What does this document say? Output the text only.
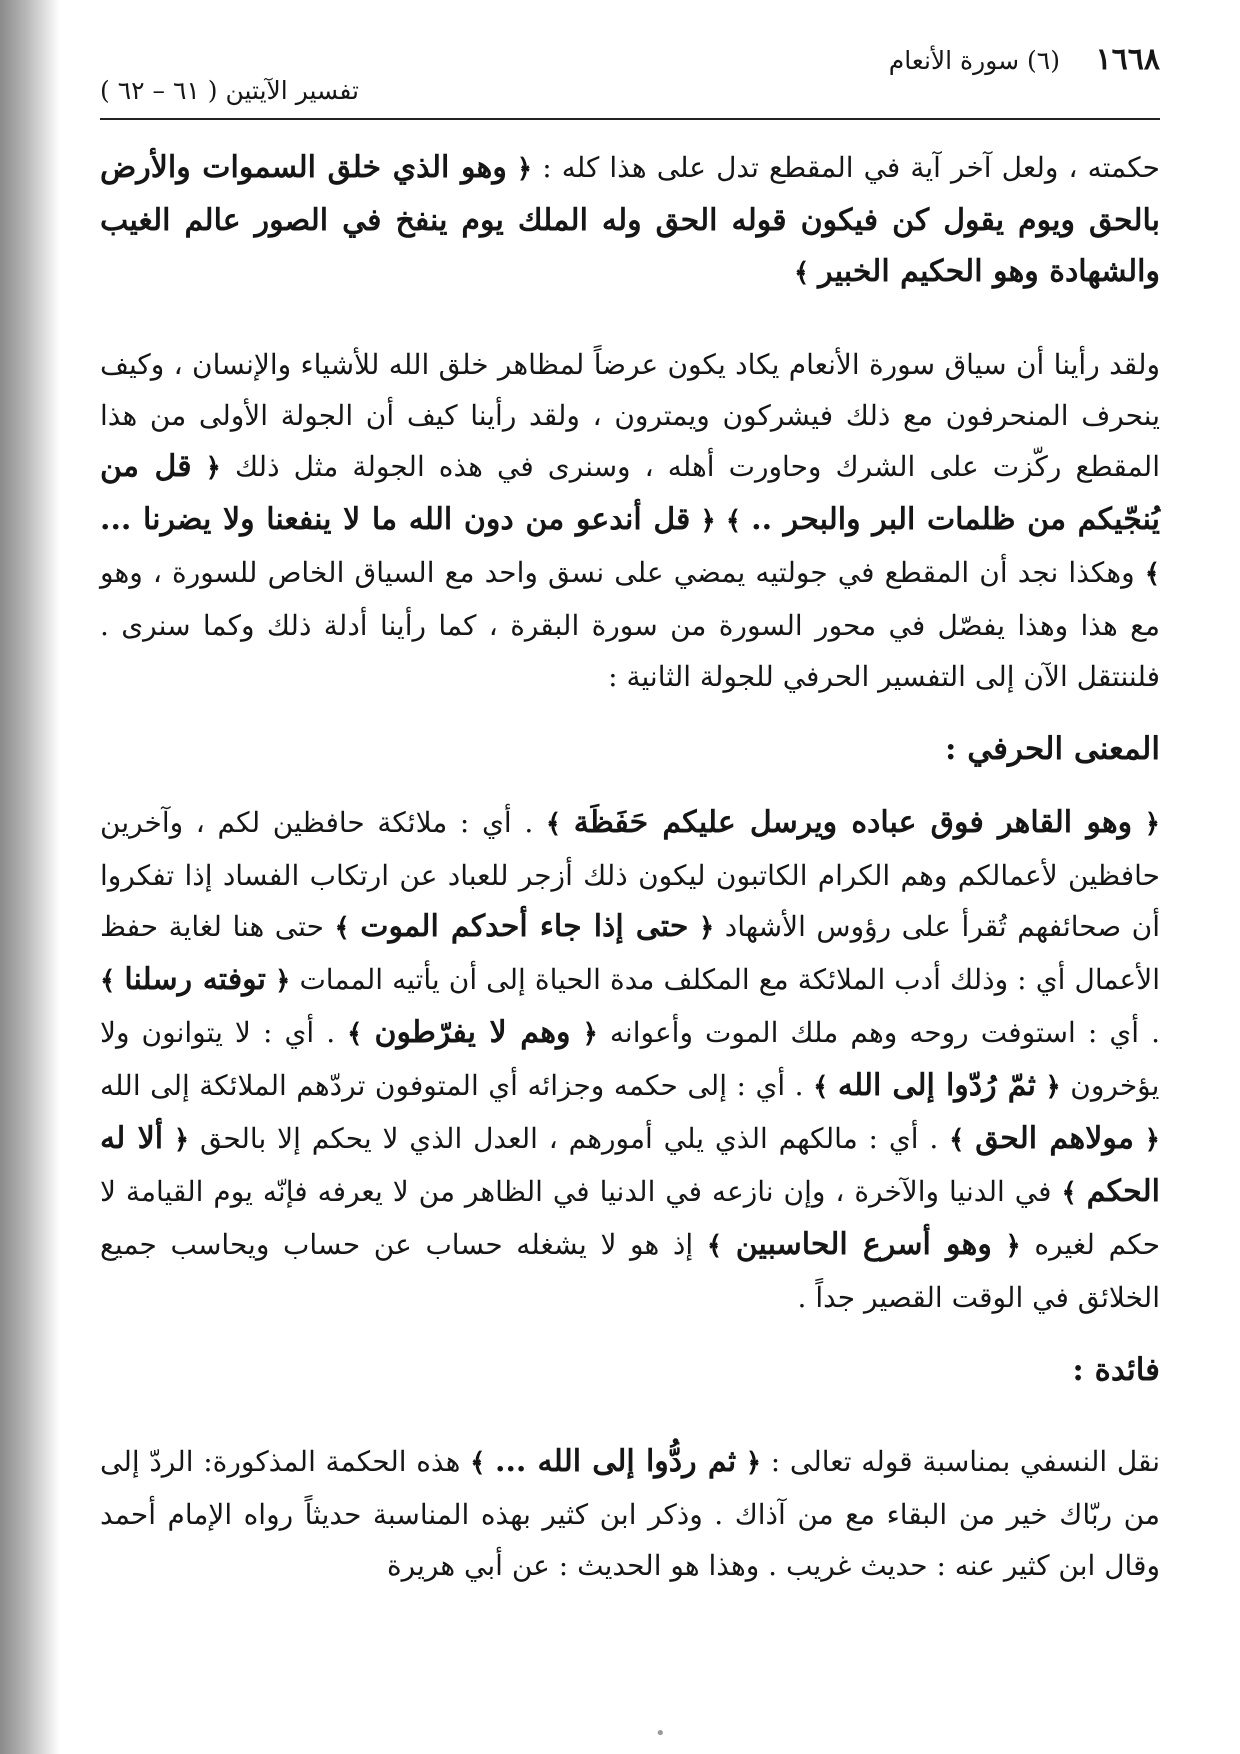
١٦٦٨
(٦) سورة الأنعام
تفسير الآيتين ( ٦١ – ٦٢ )

حكمته ، ولعل آخر آية في المقطع تدل على هذا كله : ﴿ وهو الذي خلق السموات والأرض بالحق ويوم يقول كن فيكون قوله الحق وله الملك يوم ينفخ في الصور عالم الغيب والشهادة وهو الحكيم الخبير ﴾

ولقد رأينا أن سياق سورة الأنعام يكاد يكون عرضاً لمظاهر خلق الله للأشياء والإنسان ، وكيف ينحرف المنحرفون مع ذلك فيشركون ويمترون ، ولقد رأينا كيف أن الجولة الأولى من هذا المقطع ركّزت على الشرك وحاورت أهله ، وسنرى في هذه الجولة مثل ذلك ﴿ قل من يُنجّيكم من ظلمات البر والبحر .. ﴾ ﴿ قل أندعو من دون الله ما لا ينفعنا ولا يضرنا ... ﴾ وهكذا نجد أن المقطع في جولتيه يمضي على نسق واحد مع السياق الخاص للسورة ، وهو مع هذا وهذا يفصّل في محور السورة من سورة البقرة ، كما رأينا أدلة ذلك وكما سنرى . فلننتقل الآن إلى التفسير الحرفي للجولة الثانية :

المعنى الحرفي :

﴿ وهو القاهر فوق عباده ويرسل عليكم حَفَظَة ﴾ . أي : ملائكة حافظين لكم ، وآخرين حافظين لأعمالكم وهم الكرام الكاتبون ليكون ذلك أزجر للعباد عن ارتكاب الفساد إذا تفكروا أن صحائفهم تُقرأ على رؤوس الأشهاد ﴿ حتى إذا جاء أحدكم الموت ﴾ حتى هنا لغاية حفظ الأعمال أي : وذلك أدب الملائكة مع المكلف مدة الحياة إلى أن يأتيه الممات ﴿ توفته رسلنا ﴾ . أي : استوفت روحه وهم ملك الموت وأعوانه ﴿ وهم لا يفرّطون ﴾ . أي : لا يتوانون ولا يؤخرون ﴿ ثمّ رُدّوا إلى الله ﴾ . أي : إلى حكمه وجزائه أي المتوفون تردّهم الملائكة إلى الله ﴿ مولاهم الحق ﴾ . أي : مالكهم الذي يلي أمورهم ، العدل الذي لا يحكم إلا بالحق ﴿ ألا له الحكم ﴾ في الدنيا والآخرة ، وإن نازعه في الدنيا في الظاهر من لا يعرفه فإنّه يوم القيامة لا حكم لغيره ﴿ وهو أسرع الحاسبين ﴾ إذ هو لا يشغله حساب عن حساب ويحاسب جميع الخلائق في الوقت القصير جداً .

فائدة :

نقل النسفي بمناسبة قوله تعالى : ﴿ ثم ردُّوا إلى الله ... ﴾ هذه الحكمة المذكورة: الردّ إلى من ربّاك خير من البقاء مع من آذاك . وذكر ابن كثير بهذه المناسبة حديثاً رواه الإمام أحمد وقال ابن كثير عنه : حديث غريب . وهذا هو الحديث : عن أبي هريرة

•
